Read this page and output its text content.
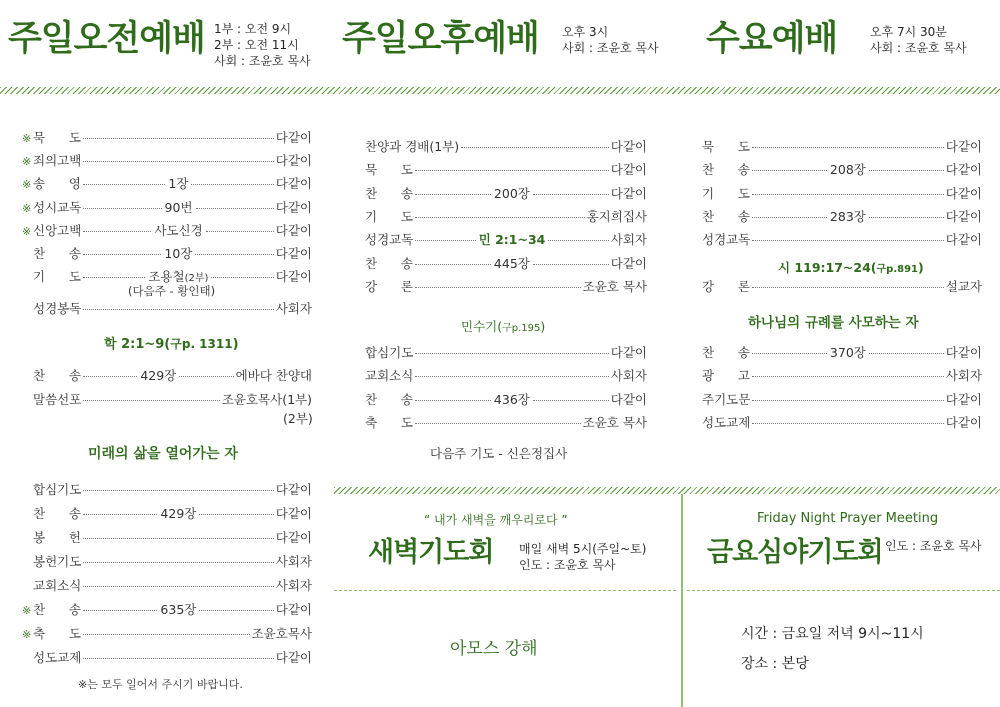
주일오전예배 1부 : 오전 9시
2부 : 오전 11시
사회 : 조윤호 목사
주일오후예배 오후 3시
사회 : 조윤호 목사 수요예배	오후 7시 30분
사회 : 조윤호 목사
※ 묵      도	다같이
※ 죄의고백	다같이
※ 송      영	1장	다같이
※ 성시교독	90번	다같이
※ 신앙고백	사도신경	다같이
찬      송	10장	다같이
기      도	조용철(2부)	다같이
(다음주 - 황인태)
성경봉독	사회자
학 2:1~9(구p. 1311)
찬      송	429장	에바다 찬양대
말씀선포	조윤호목사(1부)
(2부)
미래의 삶을 열어가는 자
합심기도	다같이
찬      송	429장	다같이
봉      헌	다같이
봉헌기도	사회자
교회소식	사회자
※ 찬      송	635장	다같이
※ 축      도	조윤호목사
성도교제	다같이
※는 모두 일어서 주시기 바랍니다.
찬양과 경배(1부)	다같이
묵      도	다같이
찬      송	200장	다같이
기      도	홍지희집사
성경교독	민 2:1~34	사회자
찬      송	445장	다같이
강      론	조윤호 목사
민수기(구p.195)
합심기도	다같이
교회소식	사회자
찬      송	436장	다같이
축      도	조윤호 목사
다음주 기도 - 신은정집사
묵      도	다같이
찬      송	208장	다같이
기      도	다같이
찬      송	283장	다같이
성경교독	다같이
시 119:17~24(구p.891)
강      론	설교자
하나님의 규례를 사모하는 자
찬      송	370장	다같이
광      고	사회자
주기도문	다같이
성도교제	다같이
“ 내가 새벽을 깨우리로다 ”
새벽기도회 매일 새벽 5시(주일~토)
인도 : 조윤호 목사
아모스 강해
Friday Night Prayer Meeting
금요심야기도회 인도 : 조윤호 목사
시간 : 금요일 저녁 9시~11시
장소 : 본당
